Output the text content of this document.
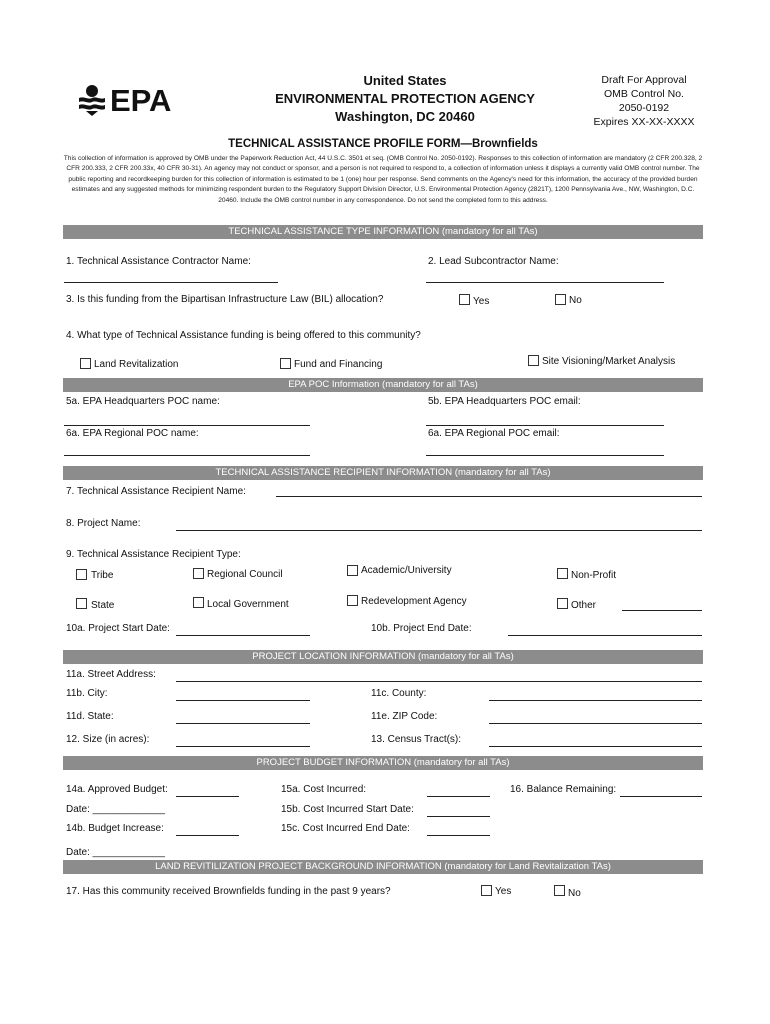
EPA
United States
ENVIRONMENTAL PROTECTION AGENCY
Washington, DC 20460
Draft For Approval
OMB Control No.
2050-0192
Expires XX-XX-XXXX
TECHNICAL ASSISTANCE PROFILE FORM—Brownfields
This collection of information is approved by OMB under the Paperwork Reduction Act, 44 U.S.C. 3501 et seq. (OMB Control No. 2050-0192). Responses to this collection of information are mandatory (2 CFR 200.328, 2 CFR 200.333, 2 CFR 200.33x, 40 CFR 30-31). An agency may not conduct or sponsor, and a person is not required to respond to, a collection of information unless it displays a currently valid OMB control number. The public reporting and recordkeeping burden for this collection of information is estimated to be 1 (one) hour per response. Send comments on the Agency's need for this information, the accuracy of the provided burden estimates and any suggested methods for minimizing respondent burden to the Regulatory Support Division Director, U.S. Environmental Protection Agency (2821T), 1200 Pennsylvania Ave., NW, Washington, D.C. 20460. Include the OMB control number in any correspondence. Do not send the completed form to this address.
TECHNICAL ASSISTANCE TYPE INFORMATION (mandatory for all TAs)
1. Technical Assistance Contractor Name:	2. Lead Subcontractor Name:
3. Is this funding from the Bipartisan Infrastructure Law (BIL) allocation?	Yes	No
4. What type of Technical Assistance funding is being offered to this community?
Land Revitalization	Fund and Financing	Site Visioning/Market Analysis
EPA POC Information (mandatory for all TAs)
5a. EPA Headquarters POC name:	5b. EPA Headquarters POC email:
6a. EPA Regional POC name:	6a. EPA Regional POC email:
TECHNICAL ASSISTANCE RECIPIENT INFORMATION (mandatory for all TAs)
7. Technical Assistance Recipient Name:
8. Project Name:
9. Technical Assistance Recipient Type:
Tribe	Regional Council	Academic/University	Non-Profit
State	Local Government	Redevelopment Agency	Other
10a. Project Start Date:	10b. Project End Date:
PROJECT LOCATION INFORMATION (mandatory for all TAs)
11a. Street Address:
11b. City:	11c. County:
11d. State:	11e. ZIP Code:
12. Size (in acres):	13. Census Tract(s):
PROJECT BUDGET INFORMATION (mandatory for all TAs)
14a. Approved Budget:	15a. Cost Incurred:	16. Balance Remaining:
Date: _____________	15b. Cost Incurred Start Date:
14b. Budget Increase:	15c. Cost Incurred End Date:
Date: _____________
LAND REVITILIZATION PROJECT BACKGROUND INFORMATION (mandatory for Land Revitalization TAs)
17. Has this community received Brownfields funding in the past 9 years?	Yes	No
